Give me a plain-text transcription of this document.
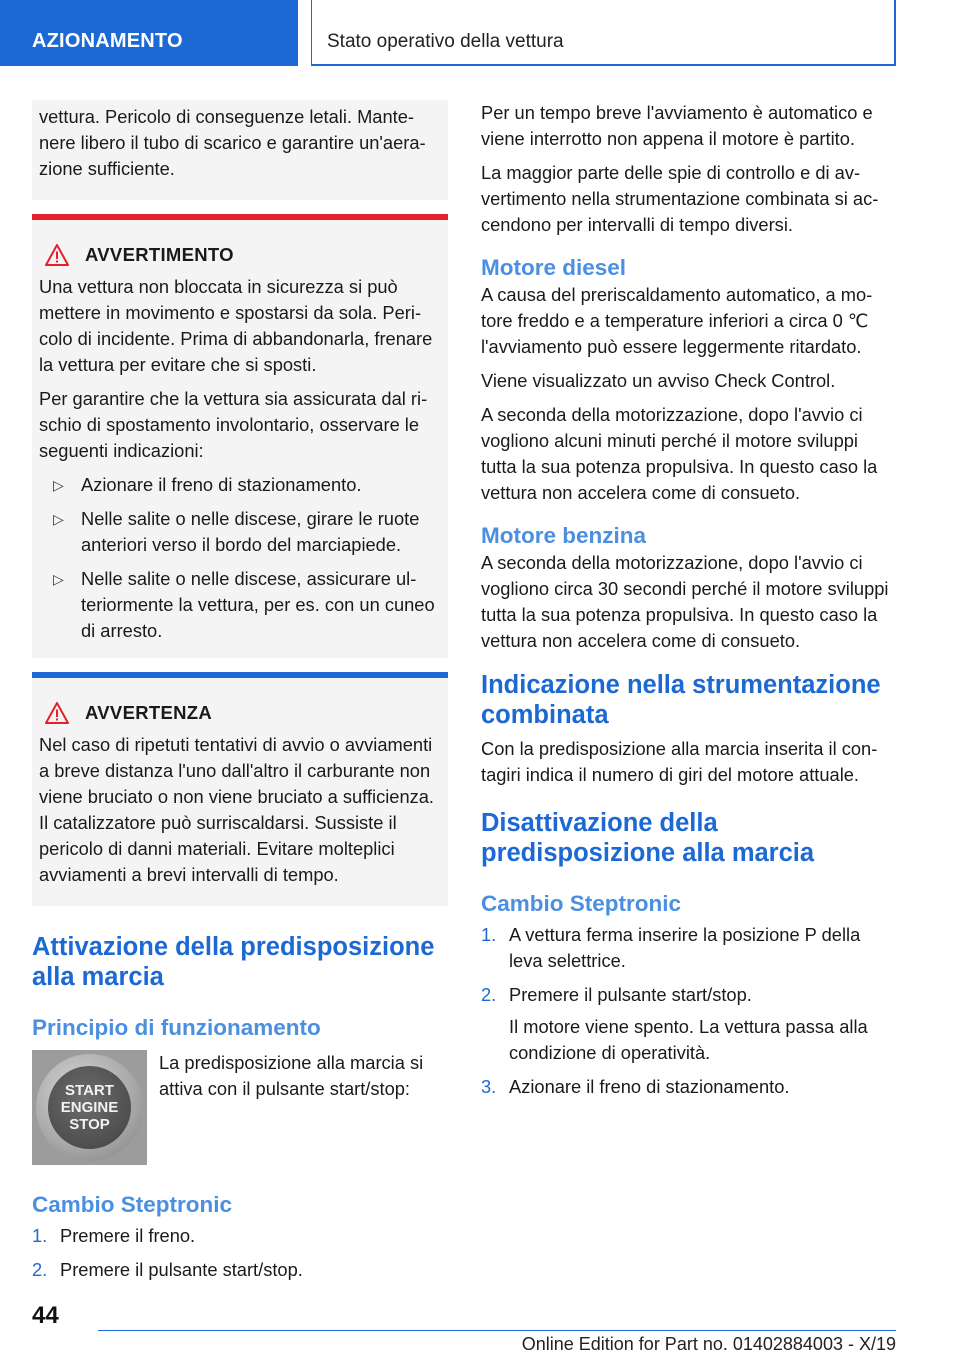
AZIONAMENTO	Stato operativo della vettura

vettura. Pericolo di conseguenze letali. Mantenere libero il tubo di scarico e garantire un'aerazione sufficiente.

AVVERTIMENTO

Una vettura non bloccata in sicurezza si può mettere in movimento e spostarsi da sola. Pericolo di incidente. Prima di abbandonarla, frenare la vettura per evitare che si sposti.

Per garantire che la vettura sia assicurata dal rischio di spostamento involontario, osservare le seguenti indicazioni:

▷ Azionare il freno di stazionamento.
▷ Nelle salite o nelle discese, girare le ruote anteriori verso il bordo del marciapiede.
▷ Nelle salite o nelle discese, assicurare ulteriormente la vettura, per es. con un cuneo di arresto.
AVVERTENZA

Nel caso di ripetuti tentativi di avvio o avviamenti a breve distanza l'uno dall'altro il carburante non viene bruciato o non viene bruciato a sufficienza. Il catalizzatore può surriscaldarsi. Sussiste il pericolo di danni materiali. Evitare molteplici avviamenti a brevi intervalli di tempo.

Attivazione della predisposizione alla marcia
Principio di funzionamento
START
ENGINE
STOP

La predisposizione alla marcia si attiva con il pulsante start/stop:

Cambio Steptronic
1. Premere il freno.
2. Premere il pulsante start/stop.

Per un tempo breve l'avviamento è automatico e viene interrotto non appena il motore è partito.

La maggior parte delle spie di controllo e di avvertimento nella strumentazione combinata si accendono per intervalli di tempo diversi.

Motore diesel

A causa del preriscaldamento automatico, a motore freddo e a temperature inferiori a circa 0 ℃ l'avviamento può essere leggermente ritardato.

Viene visualizzato un avviso Check Control.

A seconda della motorizzazione, dopo l'avvio ci vogliono alcuni minuti perché il motore sviluppi tutta la sua potenza propulsiva. In questo caso la vettura non accelera come di consueto.

Motore benzina

A seconda della motorizzazione, dopo l'avvio ci vogliono circa 30 secondi perché il motore sviluppi tutta la sua potenza propulsiva. In questo caso la vettura non accelera come di consueto.

Indicazione nella strumentazione combinata

Con la predisposizione alla marcia inserita il contagiri indica il numero di giri del motore attuale.

Disattivazione della predisposizione alla marcia
Cambio Steptronic
1. A vettura ferma inserire la posizione P della leva selettrice.
2. Premere il pulsante start/stop.

Il motore viene spento. La vettura passa alla condizione di operatività.

3. Azionare il freno di stazionamento.
44
Online Edition for Part no. 01402884003 - X/19
